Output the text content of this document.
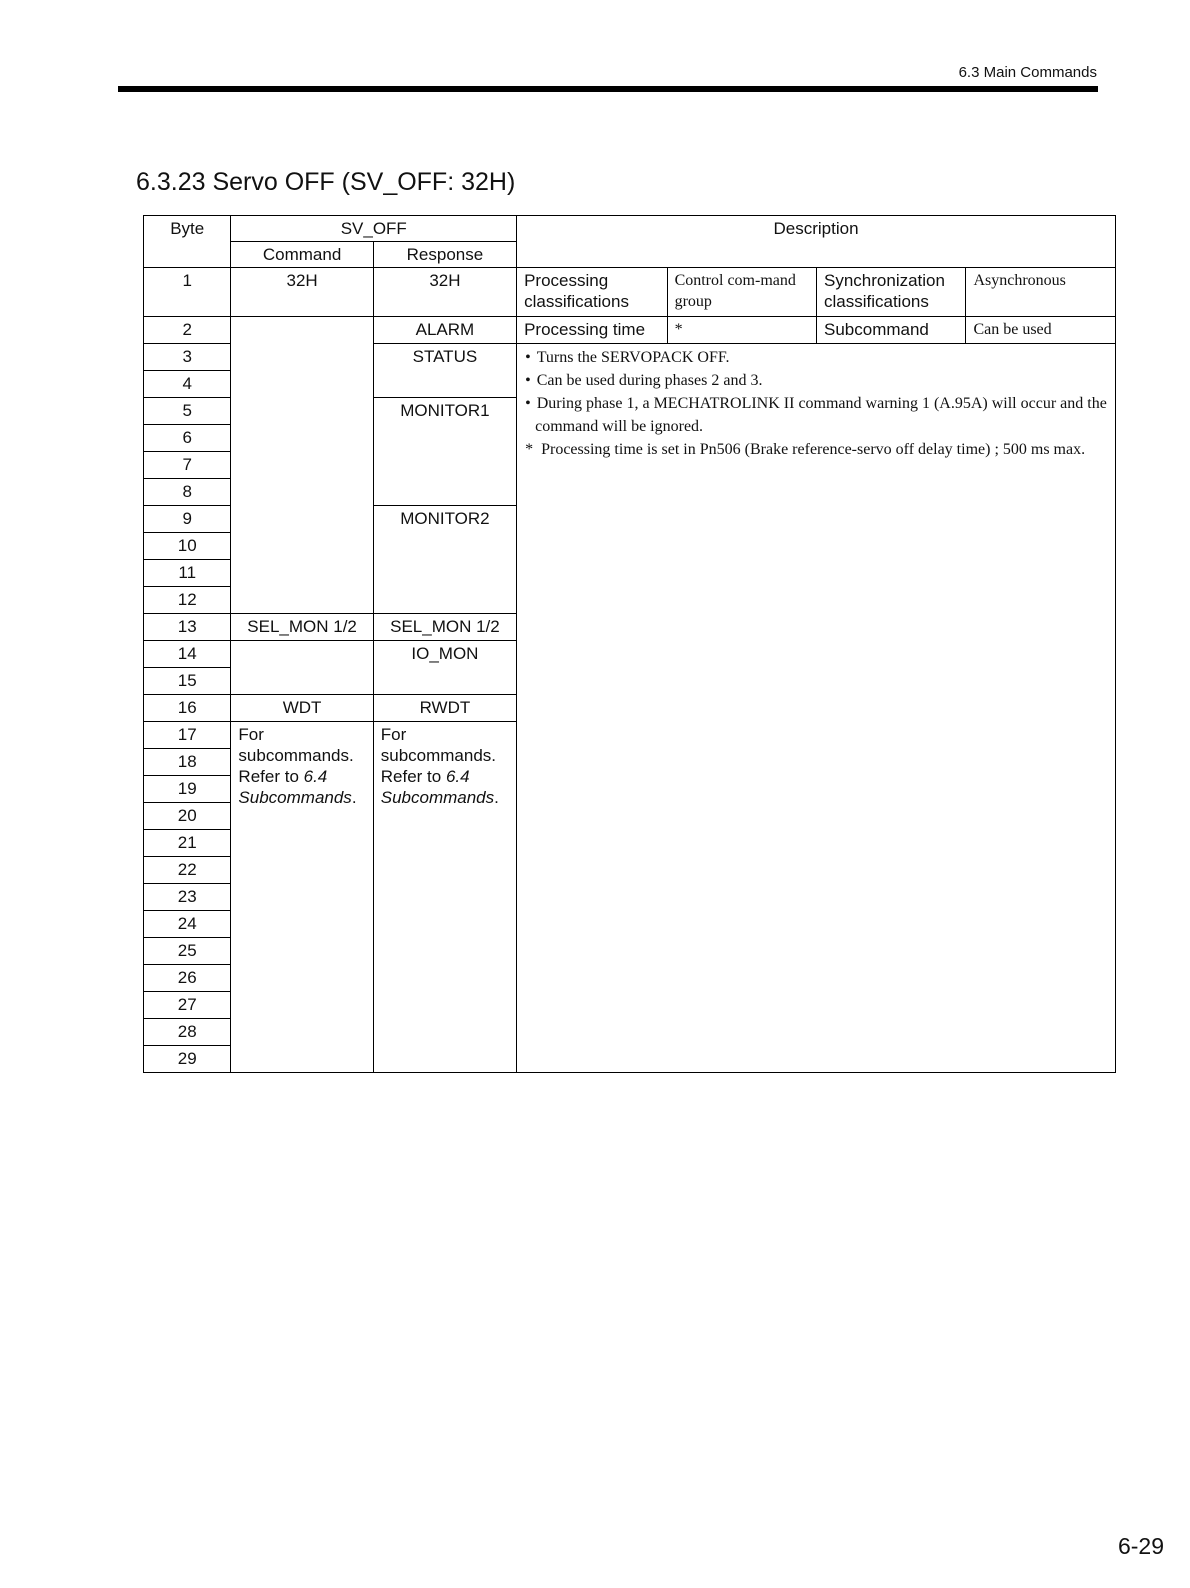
6.3 Main Commands
6.3.23 Servo OFF (SV_OFF: 32H)
Byte	SV_OFF		Description			
	Command	Response				
1	32H	32H	Processing classifications	Control com-mand group	Synchronization classifications	Asynchronous
2		ALARM	Processing time	*	Subcommand	Can be used
3		STATUS	• Turns the SERVOPACK OFF.
• Can be used during phases 2 and 3.
• During phase 1, a MECHATROLINK II command warning 1 (A.95A) will occur and the command will be ignored.
* Processing time is set in Pn506 (Brake reference-servo off delay time) ; 500 ms max.			

4						
5		MONITOR1				
6						
7						
8						
9		MONITOR2				
10						
11						
12						
13	SEL_MON 1/2	SEL_MON 1/2				
14		IO_MON				
15						
16	WDT	RWDT				
17	For subcommands.
Refer to 6.4 Subcommands.	For subcommands.
Refer to 6.4 Subcommands.				
18						
19						
20						
21						
22						
23						
24						
25						
26						
27						
28						
29						
6-29
